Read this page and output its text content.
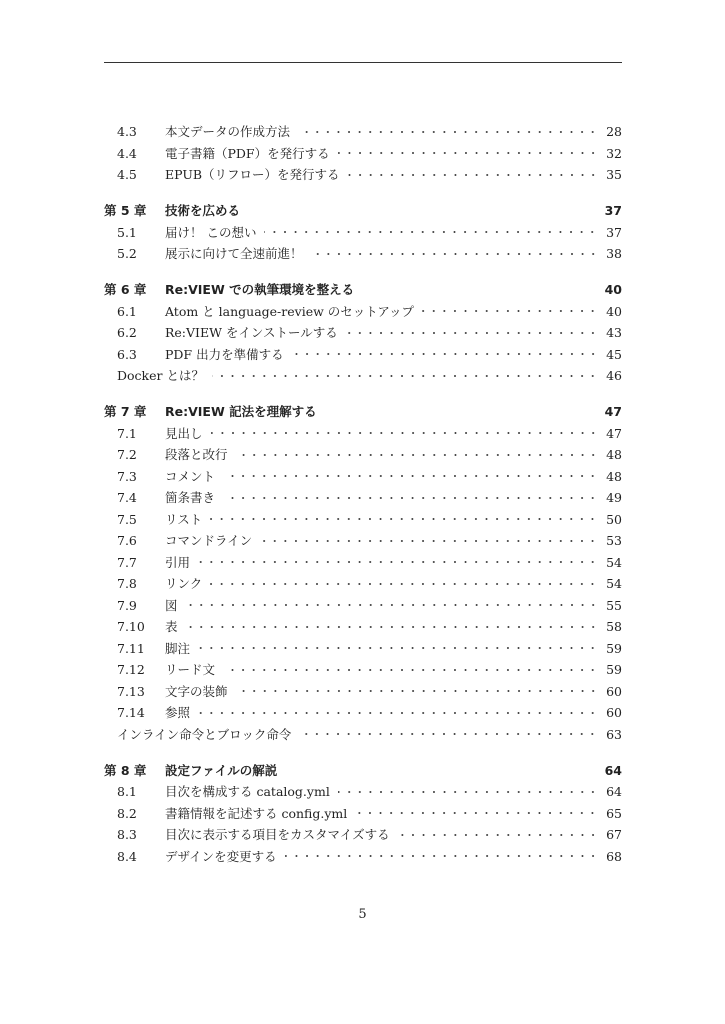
4.3	本文データの作成方法	28
4.4	電子書籍（PDF）を発行する	32
4.5	EPUB（リフロー）を発行する	35
第 5 章	技術を広める	37
5.1	届け！ この想い	37
5.2	展示に向けて全速前進！	38
第 6 章	Re:VIEW での執筆環境を整える	40
6.1	Atom と language-review のセットアップ	40
6.2	Re:VIEW をインストールする	43
6.3	PDF 出力を準備する	45
Docker とは？	46
第 7 章	Re:VIEW 記法を理解する	47
7.1	見出し	47
7.2	段落と改行	48
7.3	コメント	48
7.4	箇条書き	49
7.5	リスト	50
7.6	コマンドライン	53
7.7	引用	54
7.8	リンク	54
7.9	図	55
7.10	表	58
7.11	脚注	59
7.12	リード文	59
7.13	文字の装飾	60
7.14	参照	60
インライン命令とブロック命令	63
第 8 章	設定ファイルの解説	64
8.1	目次を構成する catalog.yml	64
8.2	書籍情報を記述する config.yml	65
8.3	目次に表示する項目をカスタマイズする	67
8.4	デザインを変更する	68
5
